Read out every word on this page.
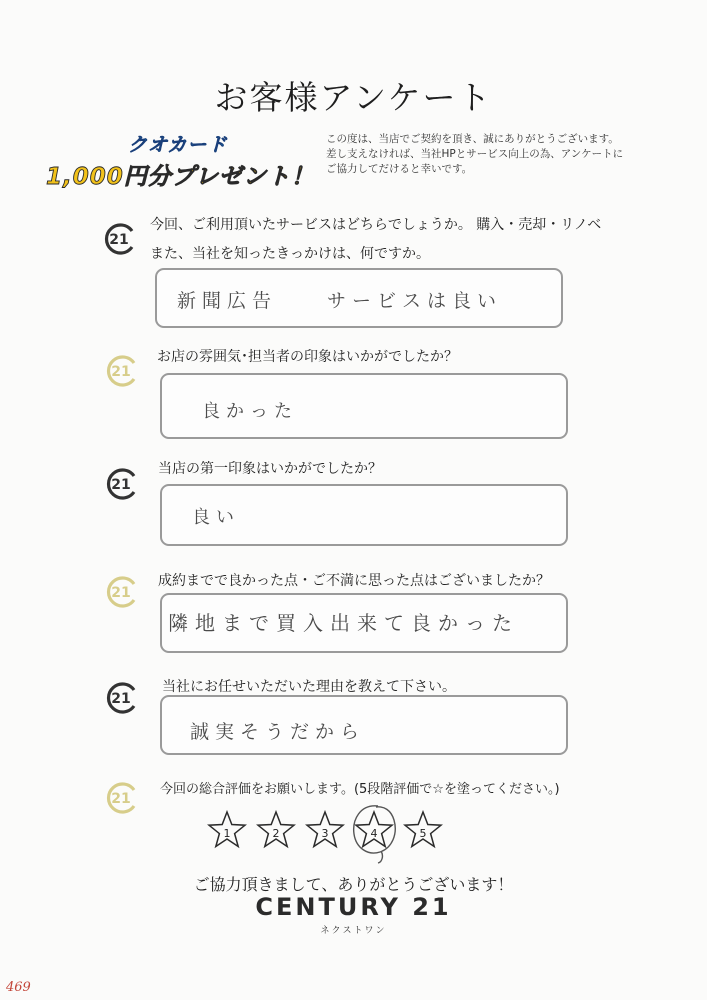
お客様アンケート
クオカード
1,000円分プレゼント！
この度は、当店でご契約を頂き、誠にありがとうございます。
差し支えなければ、当社HPとサービス向上の為、アンケートに
ご協力してだけると幸いです。
21
今回、ご利用頂いたサービスはどちらでしょうか。 購入・売却・リノベ
また、当社を知ったきっかけは、何ですか。
新聞広告　　サービスは良い
21
お店の雰囲気･担当者の印象はいかがでしたか？
良かった
21
当店の第一印象はいかがでしたか？
良い
21
成約までで良かった点・ご不満に思った点はございましたか？
隣地まで買入出来て良かった
21
当社にお任せいただいた理由を教えて下さい。
誠実そうだから
21
今回の総合評価をお願いします。(5段階評価で☆を塗ってください。)
1	2	3	4	5
ご協力頂きまして、ありがとうございます！
CENTURY 21
ネクストワン
469
